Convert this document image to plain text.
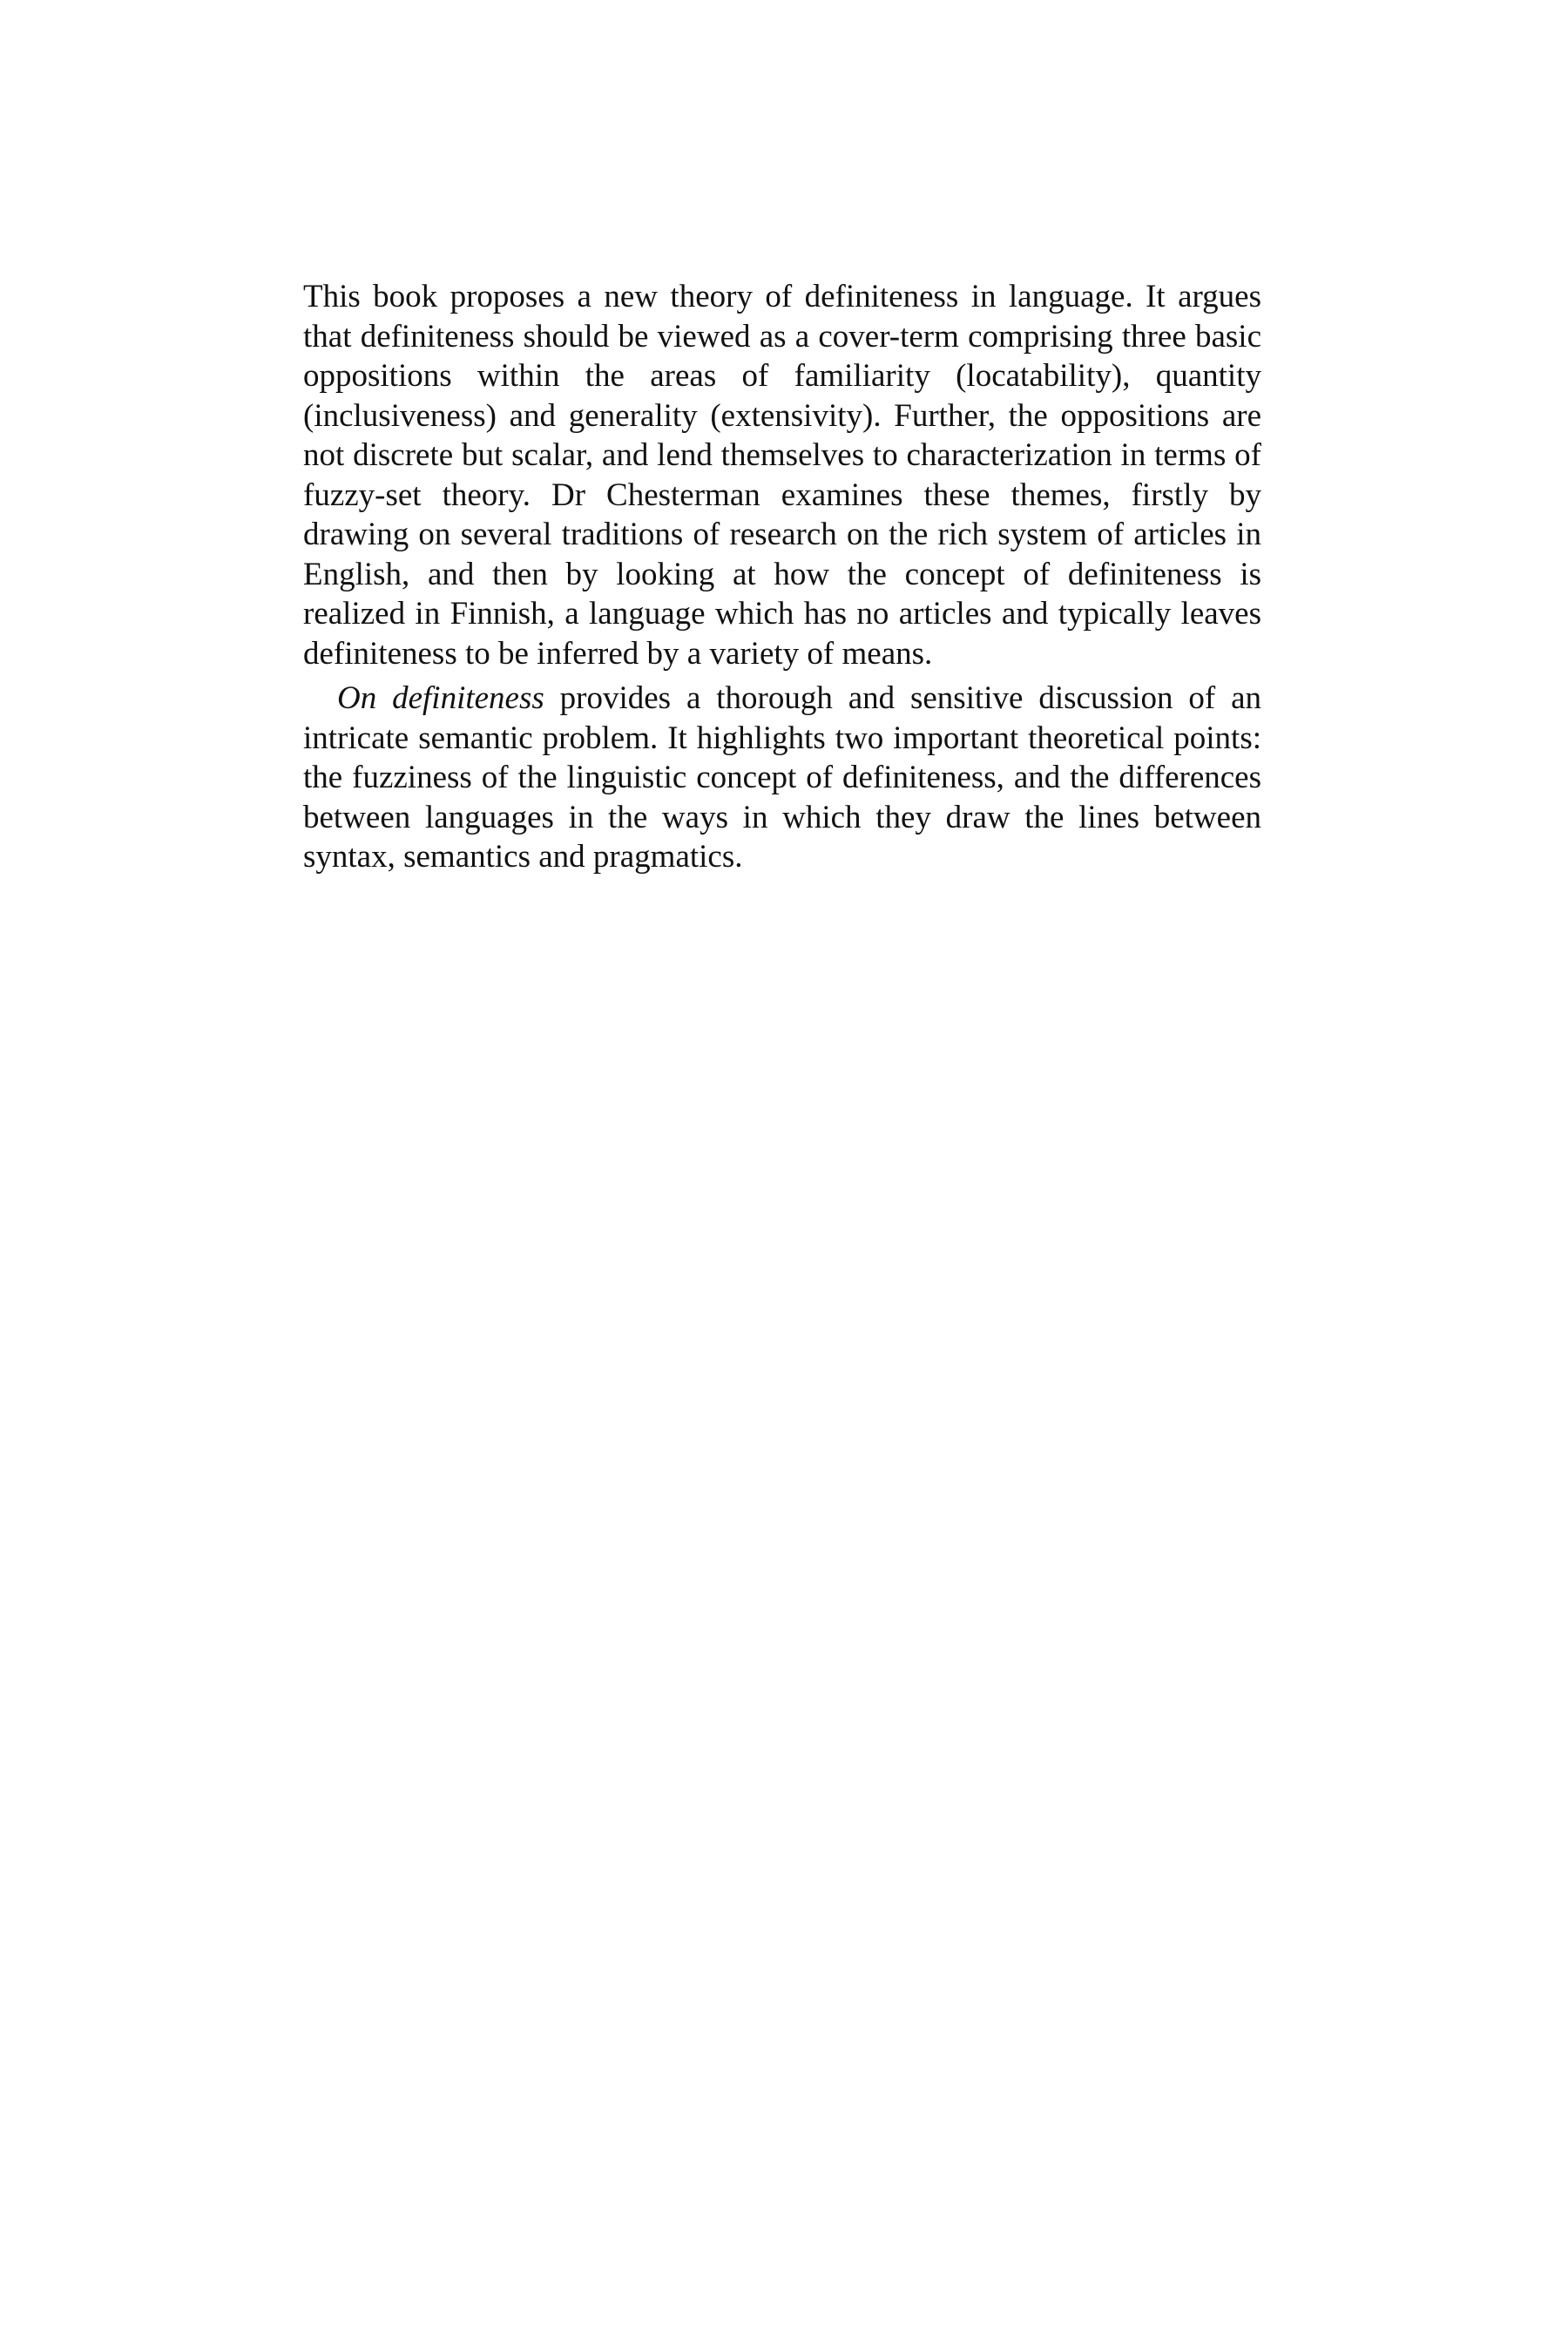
This book proposes a new theory of definiteness in language. It argues that definiteness should be viewed as a cover-term comprising three basic oppositions within the areas of familiarity (locatability), quantity (inclusiveness) and generality (extensivity). Further, the oppositions are not discrete but scalar, and lend themselves to characterization in terms of fuzzy-set theory. Dr Chesterman examines these themes, firstly by drawing on several traditions of research on the rich system of articles in English, and then by looking at how the concept of definiteness is realized in Finnish, a language which has no articles and typically leaves definiteness to be inferred by a variety of means.

On definiteness provides a thorough and sensitive discussion of an intricate semantic problem. It highlights two important theoretical points: the fuzziness of the linguistic concept of definiteness, and the differences between languages in the ways in which they draw the lines between syntax, semantics and pragmatics.
